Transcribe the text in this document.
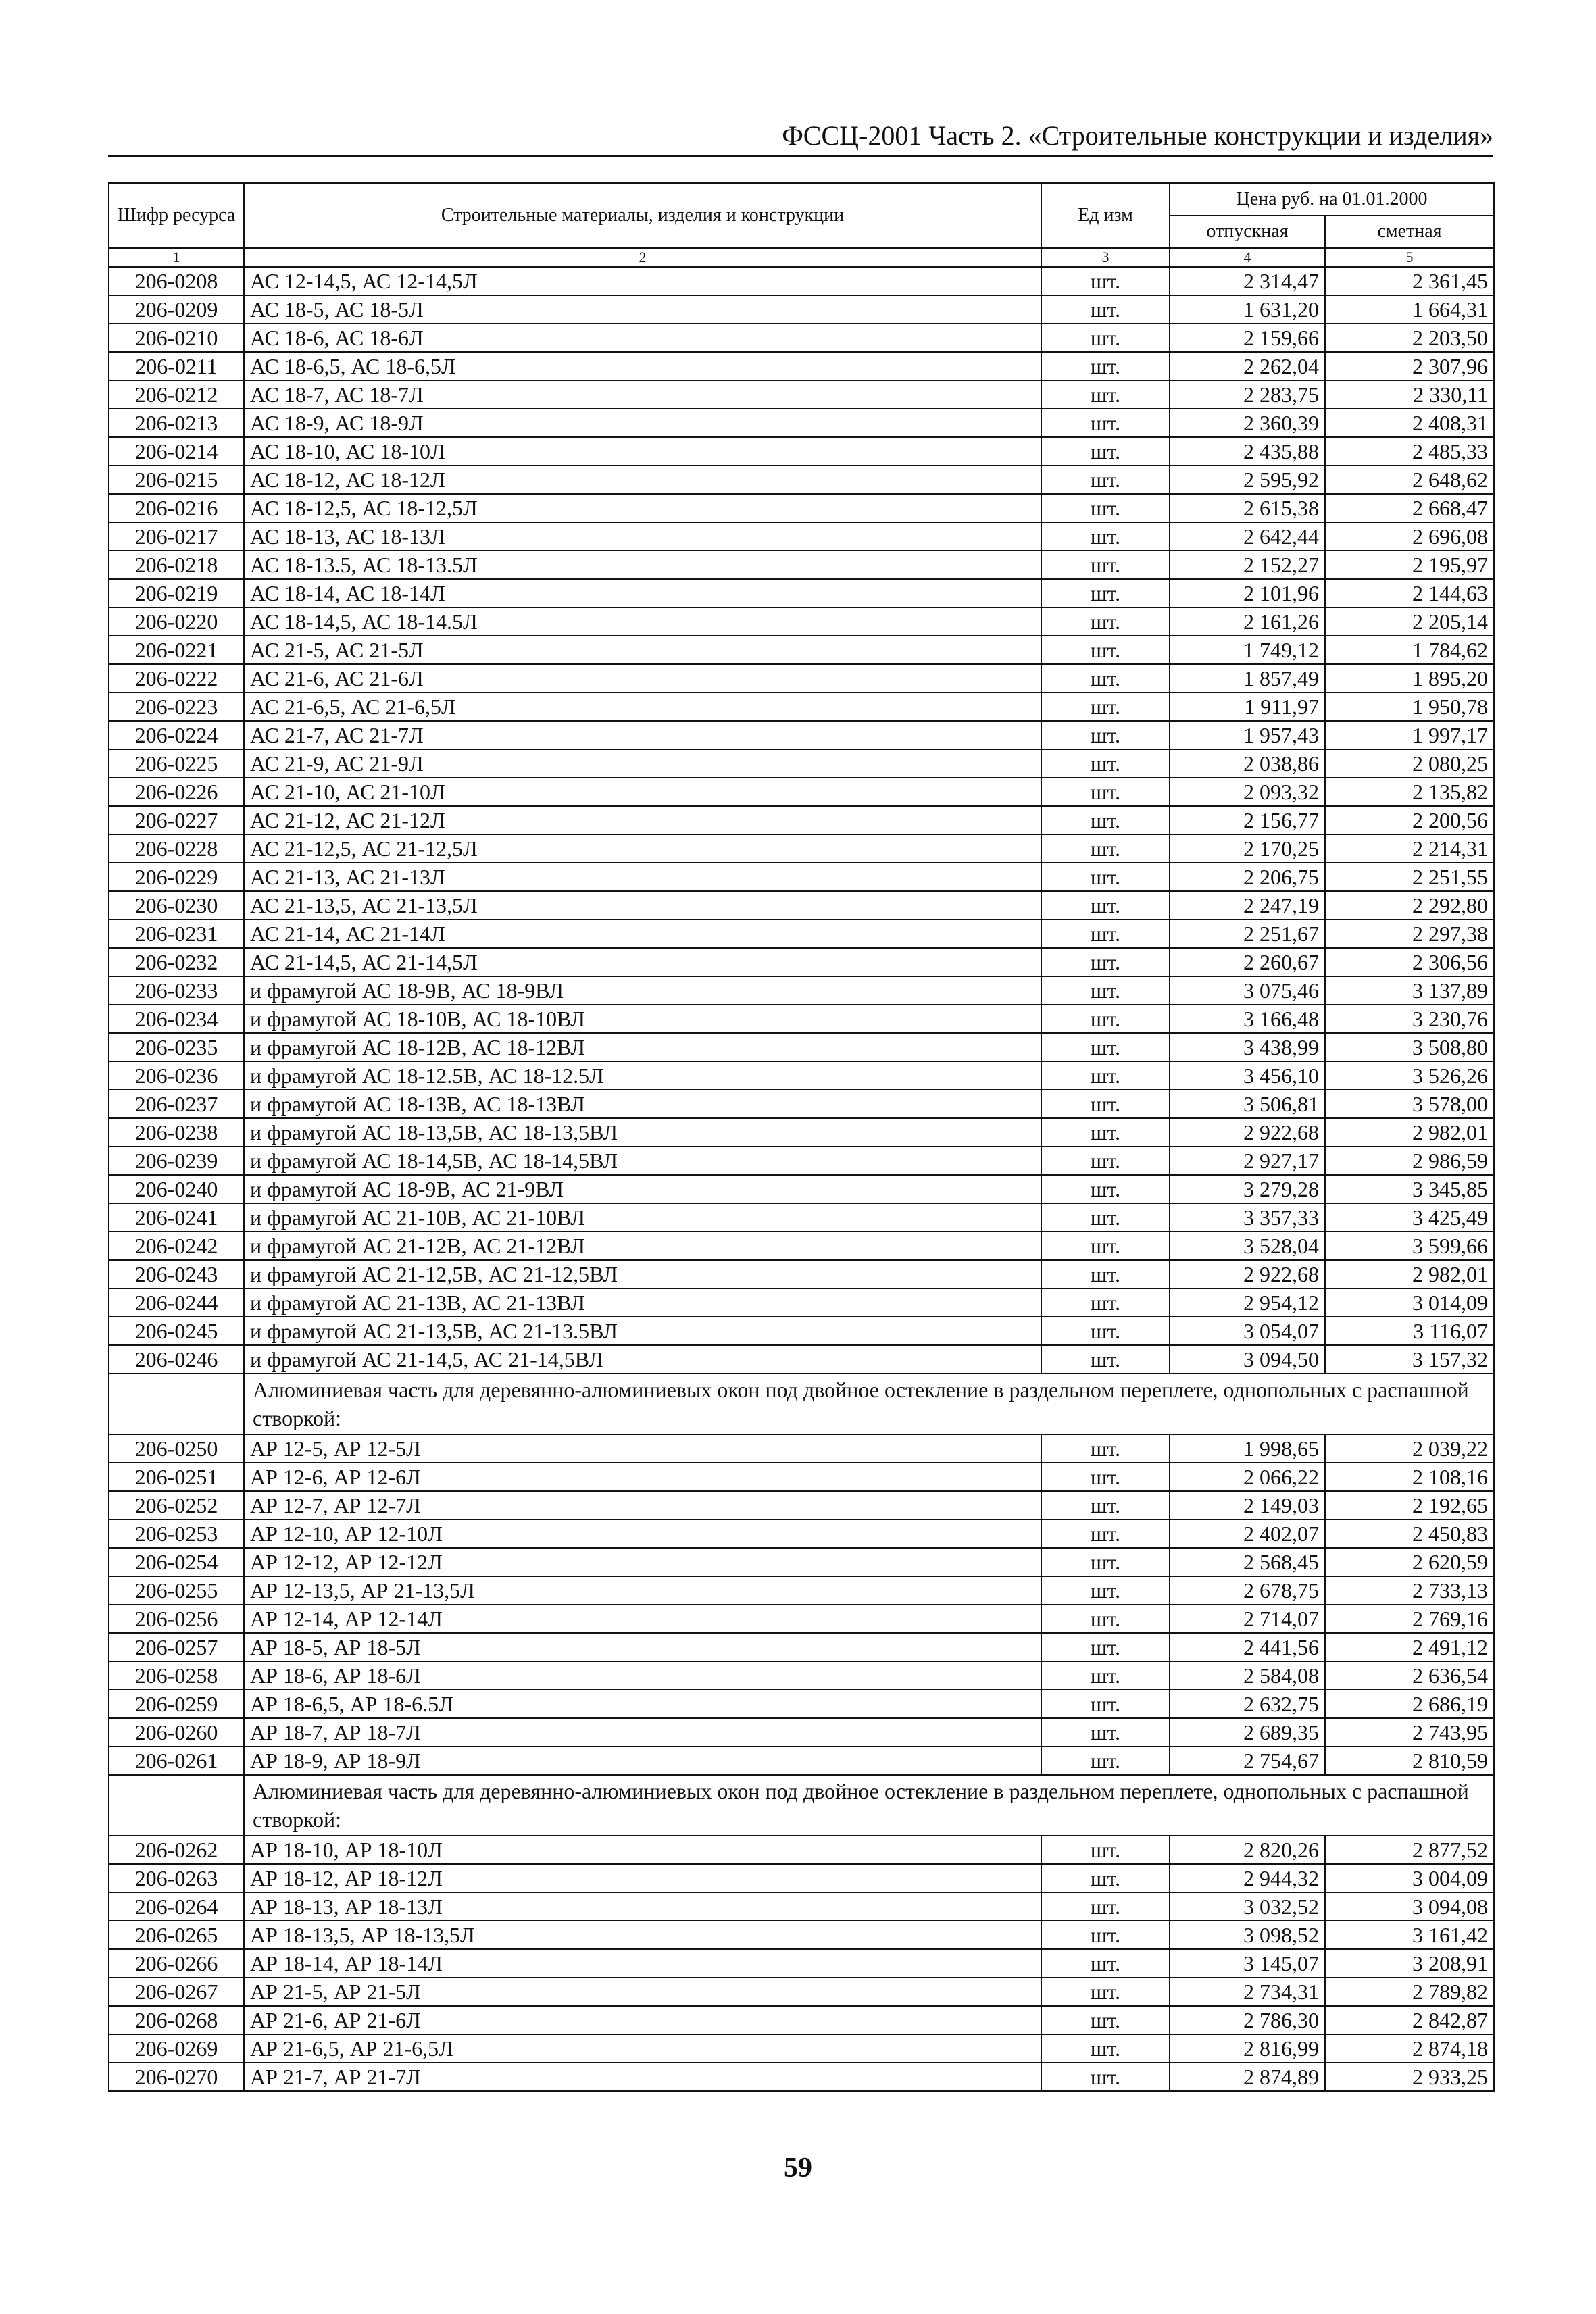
ФССЦ-2001 Часть 2. «Строительные конструкции и изделия»
Шифр ресурса	Строительные материалы, изделия и конструкции	Ед изм	Цена руб. на 01.01.2000	
			отпускная	сметная
1	2	3	4	5
206-0208	АС 12-14,5, АС 12-14,5Л	шт.	2 314,47	2 361,45
206-0209	АС 18-5, АС 18-5Л	шт.	1 631,20	1 664,31
206-0210	АС 18-6, АС 18-6Л	шт.	2 159,66	2 203,50
206-0211	АС 18-6,5, АС 18-6,5Л	шт.	2 262,04	2 307,96
206-0212	АС 18-7, АС 18-7Л	шт.	2 283,75	2 330,11
206-0213	АС 18-9, АС 18-9Л	шт.	2 360,39	2 408,31
206-0214	АС 18-10, АС 18-10Л	шт.	2 435,88	2 485,33
206-0215	АС 18-12, АС 18-12Л	шт.	2 595,92	2 648,62
206-0216	АС 18-12,5, АС 18-12,5Л	шт.	2 615,38	2 668,47
206-0217	АС 18-13, АС 18-13Л	шт.	2 642,44	2 696,08
206-0218	АС 18-13.5, АС 18-13.5Л	шт.	2 152,27	2 195,97
206-0219	АС 18-14, АС 18-14Л	шт.	2 101,96	2 144,63
206-0220	АС 18-14,5, АС 18-14.5Л	шт.	2 161,26	2 205,14
206-0221	АС 21-5, АС 21-5Л	шт.	1 749,12	1 784,62
206-0222	АС 21-6, АС 21-6Л	шт.	1 857,49	1 895,20
206-0223	АС 21-6,5, АС 21-6,5Л	шт.	1 911,97	1 950,78
206-0224	АС 21-7, АС 21-7Л	шт.	1 957,43	1 997,17
206-0225	АС 21-9, АС 21-9Л	шт.	2 038,86	2 080,25
206-0226	АС 21-10, АС 21-10Л	шт.	2 093,32	2 135,82
206-0227	АС 21-12, АС 21-12Л	шт.	2 156,77	2 200,56
206-0228	АС 21-12,5, АС 21-12,5Л	шт.	2 170,25	2 214,31
206-0229	АС 21-13, АС 21-13Л	шт.	2 206,75	2 251,55
206-0230	АС 21-13,5, АС 21-13,5Л	шт.	2 247,19	2 292,80
206-0231	АС 21-14, АС 21-14Л	шт.	2 251,67	2 297,38
206-0232	АС 21-14,5, АС 21-14,5Л	шт.	2 260,67	2 306,56
206-0233	и фрамугой АС 18-9В, АС 18-9ВЛ	шт.	3 075,46	3 137,89
206-0234	и фрамугой АС 18-10В, АС 18-10ВЛ	шт.	3 166,48	3 230,76
206-0235	и фрамугой АС 18-12В, АС 18-12ВЛ	шт.	3 438,99	3 508,80
206-0236	и фрамугой АС 18-12.5В, АС 18-12.5Л	шт.	3 456,10	3 526,26
206-0237	и фрамугой АС 18-13В, АС 18-13ВЛ	шт.	3 506,81	3 578,00
206-0238	и фрамугой АС 18-13,5В, АС 18-13,5ВЛ	шт.	2 922,68	2 982,01
206-0239	и фрамугой АС 18-14,5В, АС 18-14,5ВЛ	шт.	2 927,17	2 986,59
206-0240	и фрамугой АС 18-9В, АС 21-9ВЛ	шт.	3 279,28	3 345,85
206-0241	и фрамугой АС 21-10В, АС 21-10ВЛ	шт.	3 357,33	3 425,49
206-0242	и фрамугой АС 21-12В, АС 21-12ВЛ	шт.	3 528,04	3 599,66
206-0243	и фрамугой АС 21-12,5В, АС 21-12,5ВЛ	шт.	2 922,68	2 982,01
206-0244	и фрамугой АС 21-13В, АС 21-13ВЛ	шт.	2 954,12	3 014,09
206-0245	и фрамугой АС 21-13,5В, АС 21-13.5ВЛ	шт.	3 054,07	3 116,07
206-0246	и фрамугой АС 21-14,5, АС 21-14,5ВЛ	шт.	3 094,50	3 157,32
	Алюминиевая часть для деревянно-алюминиевых окон под двойное остекление в раздельном переплете, однопольных с распашной створкой:			
206-0250	АР 12-5, АР 12-5Л	шт.	1 998,65	2 039,22
206-0251	АР 12-6, АР 12-6Л	шт.	2 066,22	2 108,16
206-0252	АР 12-7, АР 12-7Л	шт.	2 149,03	2 192,65
206-0253	АР 12-10, АР 12-10Л	шт.	2 402,07	2 450,83
206-0254	АР 12-12, АР 12-12Л	шт.	2 568,45	2 620,59
206-0255	АР 12-13,5, АР 21-13,5Л	шт.	2 678,75	2 733,13
206-0256	АР 12-14, АР 12-14Л	шт.	2 714,07	2 769,16
206-0257	АР 18-5, АР 18-5Л	шт.	2 441,56	2 491,12
206-0258	АР 18-6, АР 18-6Л	шт.	2 584,08	2 636,54
206-0259	АР 18-6,5, АР 18-6.5Л	шт.	2 632,75	2 686,19
206-0260	АР 18-7, АР 18-7Л	шт.	2 689,35	2 743,95
206-0261	АР 18-9, АР 18-9Л	шт.	2 754,67	2 810,59
	Алюминиевая часть для деревянно-алюминиевых окон под двойное остекление в раздельном переплете, однопольных с распашной створкой:			
206-0262	АР 18-10, АР 18-10Л	шт.	2 820,26	2 877,52
206-0263	АР 18-12, АР 18-12Л	шт.	2 944,32	3 004,09
206-0264	АР 18-13, АР 18-13Л	шт.	3 032,52	3 094,08
206-0265	АР 18-13,5, АР 18-13,5Л	шт.	3 098,52	3 161,42
206-0266	АР 18-14, АР 18-14Л	шт.	3 145,07	3 208,91
206-0267	АР 21-5, АР 21-5Л	шт.	2 734,31	2 789,82
206-0268	АР 21-6, АР 21-6Л	шт.	2 786,30	2 842,87
206-0269	АР 21-6,5, АР 21-6,5Л	шт.	2 816,99	2 874,18
206-0270	АР 21-7, АР 21-7Л	шт.	2 874,89	2 933,25
59
